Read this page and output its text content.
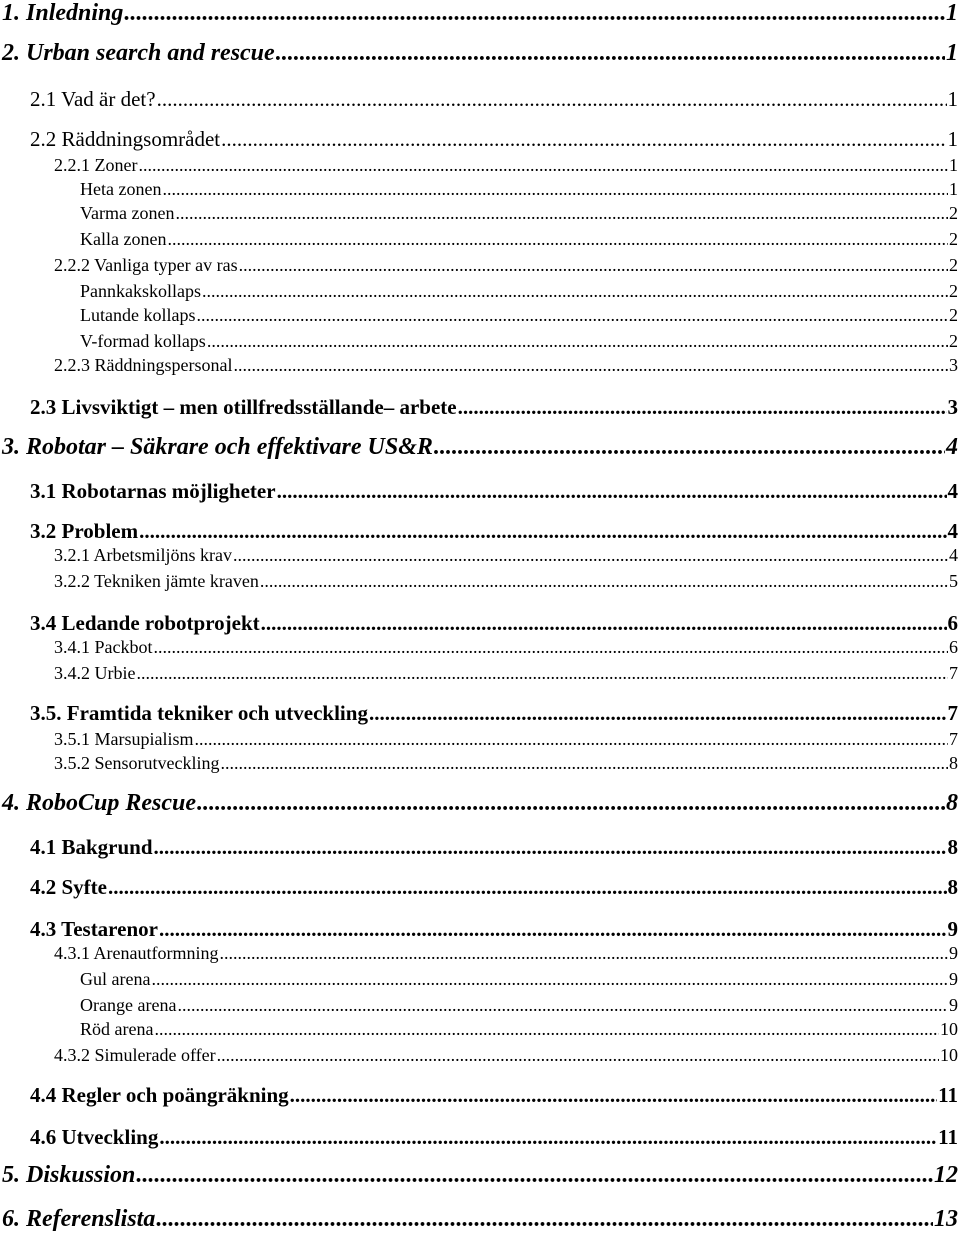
1. Inledning .....	1
2. Urban search and rescue .....	1
2.1 Vad är det? .....	1
2.2 Räddningsområdet .....	1
2.2.1 Zoner .....	1
Heta zonen .....	1
Varma zonen .....	2
Kalla zonen .....	2
2.2.2 Vanliga typer av ras .....	2
Pannkakskollaps .....	2
Lutande kollaps .....	2
V-formad kollaps .....	2
2.2.3 Räddningspersonal .....	3
2.3 Livsviktigt – men otillfredsställande– arbete .....	3
3. Robotar – Säkrare och effektivare US&R .....	4
3.1 Robotarnas möjligheter .....	4
3.2 Problem .....	4
3.2.1 Arbetsmiljöns krav .....	4
3.2.2 Tekniken jämte kraven .....	5
3.4 Ledande robotprojekt .....	6
3.4.1 Packbot .....	6
3.4.2 Urbie .....	7
3.5. Framtida tekniker och utveckling .....	7
3.5.1 Marsupialism .....	7
3.5.2 Sensorutveckling .....	8
4. RoboCup Rescue .....	8
4.1 Bakgrund .....	8
4.2 Syfte .....	8
4.3 Testarenor .....	9
4.3.1 Arenautformning .....	9
Gul arena .....	9
Orange arena .....	9
Röd arena .....	10
4.3.2 Simulerade offer .....	10
4.4 Regler och poängräkning .....	11
4.6 Utveckling .....	11
5. Diskussion .....	12
6. Referenslista .....	13
